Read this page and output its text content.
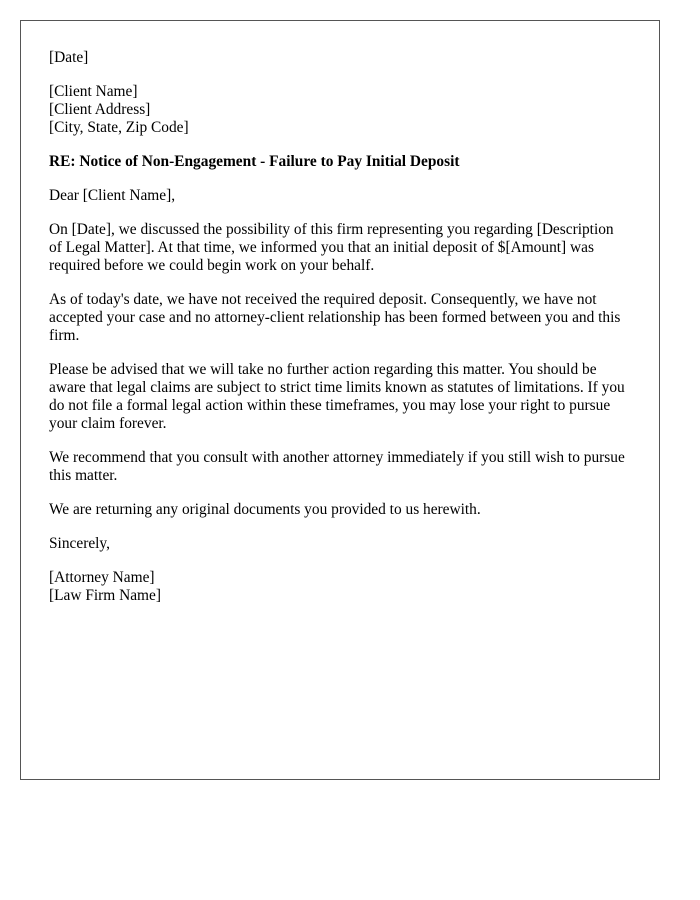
[Date]
[Client Name]
[Client Address]
[City, State, Zip Code]
RE: Notice of Non-Engagement - Failure to Pay Initial Deposit
Dear [Client Name],

On [Date], we discussed the possibility of this firm representing you regarding [Description of Legal Matter]. At that time, we informed you that an initial deposit of $[Amount] was required before we could begin work on your behalf.

As of today's date, we have not received the required deposit. Consequently, we have not accepted your case and no attorney-client relationship has been formed between you and this firm.

Please be advised that we will take no further action regarding this matter. You should be aware that legal claims are subject to strict time limits known as statutes of limitations. If you do not file a formal legal action within these timeframes, you may lose your right to pursue your claim forever.

We recommend that you consult with another attorney immediately if you still wish to pursue this matter.

We are returning any original documents you provided to us herewith.

Sincerely,
[Attorney Name]
[Law Firm Name]
